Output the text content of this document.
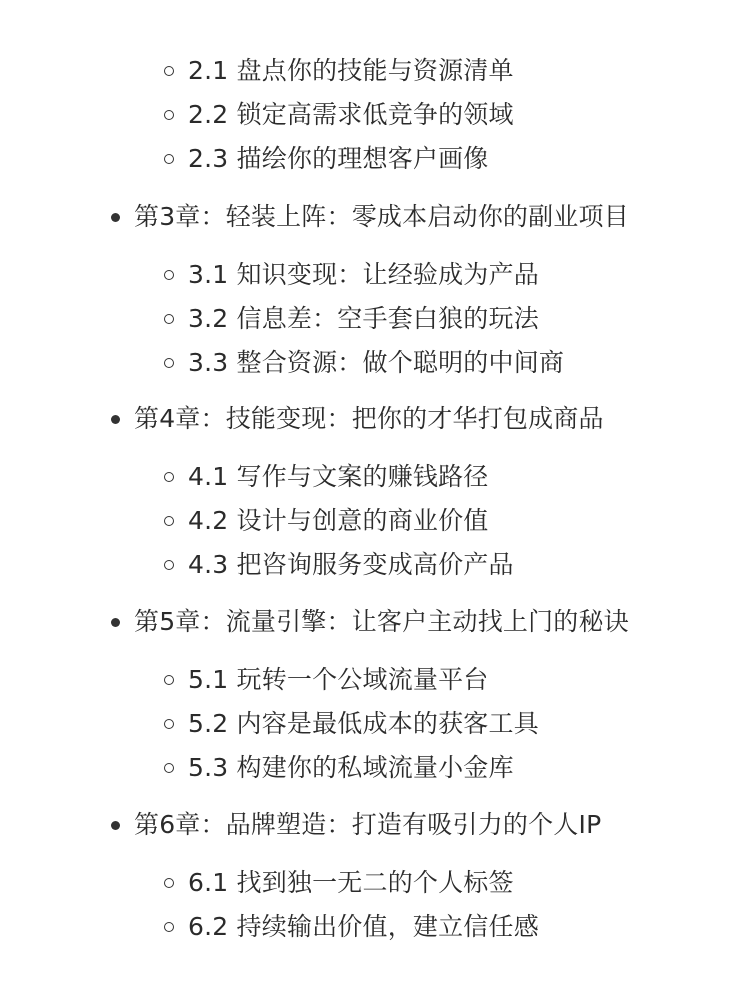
2.1 盘点你的技能与资源清单
2.2 锁定高需求低竞争的领域
2.3 描绘你的理想客户画像
第3章：轻装上阵：零成本启动你的副业项目
3.1 知识变现：让经验成为产品
3.2 信息差：空手套白狼的玩法
3.3 整合资源：做个聪明的中间商
第4章：技能变现：把你的才华打包成商品
4.1 写作与文案的赚钱路径
4.2 设计与创意的商业价值
4.3 把咨询服务变成高价产品
第5章：流量引擎：让客户主动找上门的秘诀
5.1 玩转一个公域流量平台
5.2 内容是最低成本的获客工具
5.3 构建你的私域流量小金库
第6章：品牌塑造：打造有吸引力的个人IP
6.1 找到独一无二的个人标签
6.2 持续输出价值，建立信任感
